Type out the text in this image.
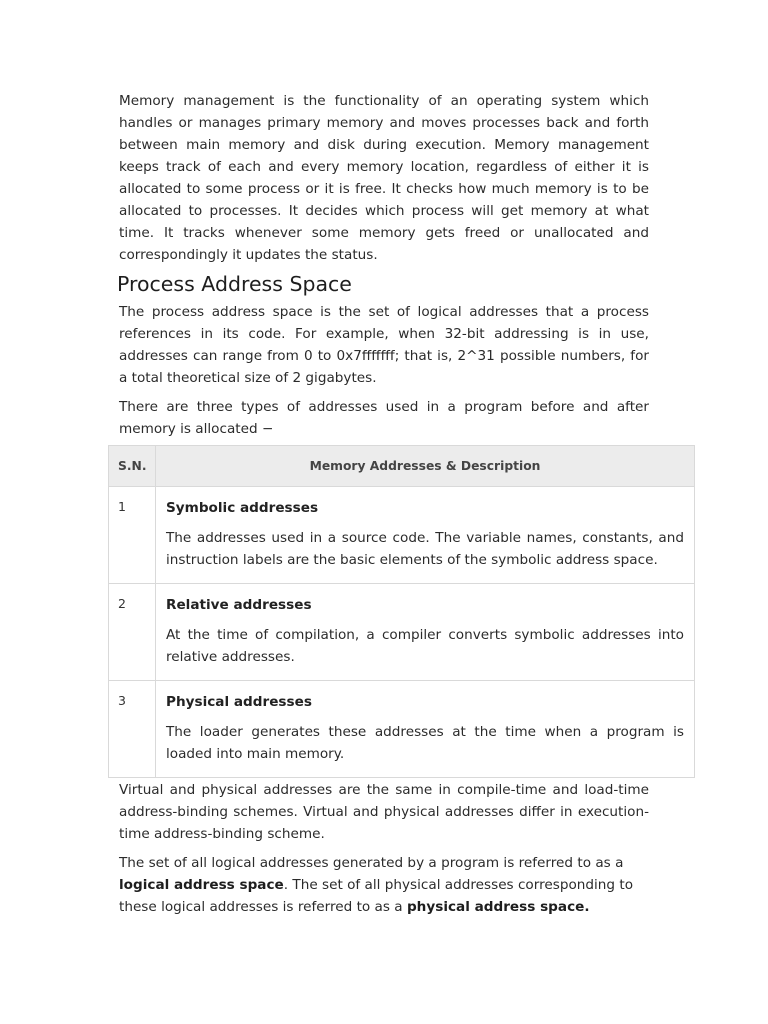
Memory management is the functionality of an operating system which handles or manages primary memory and moves processes back and forth between main memory and disk during execution. Memory management keeps track of each and every memory location, regardless of either it is allocated to some process or it is free. It checks how much memory is to be allocated to processes. It decides which process will get memory at what time. It tracks whenever some memory gets freed or unallocated and correspondingly it updates the status.

Process Address Space

The process address space is the set of logical addresses that a process references in its code. For example, when 32-bit addressing is in use, addresses can range from 0 to 0x7fffffff; that is, 2^31 possible numbers, for a total theoretical size of 2 gigabytes.

There are three types of addresses used in a program before and after memory is allocated −

S.N.	Memory Addresses & Description
1	Symbolic addresses
The addresses used in a source code. The variable names, constants, and instruction labels are the basic elements of the symbolic address space.

2	Relative addresses
At the time of compilation, a compiler converts symbolic addresses into relative addresses.

3	Physical addresses
The loader generates these addresses at the time when a program is loaded into main memory.

Virtual and physical addresses are the same in compile-time and load-time address-binding schemes. Virtual and physical addresses differ in execution-time address-binding scheme.

The set of all logical addresses generated by a program is referred to as a logical address space. The set of all physical addresses corresponding to these logical addresses is referred to as a physical address space.
